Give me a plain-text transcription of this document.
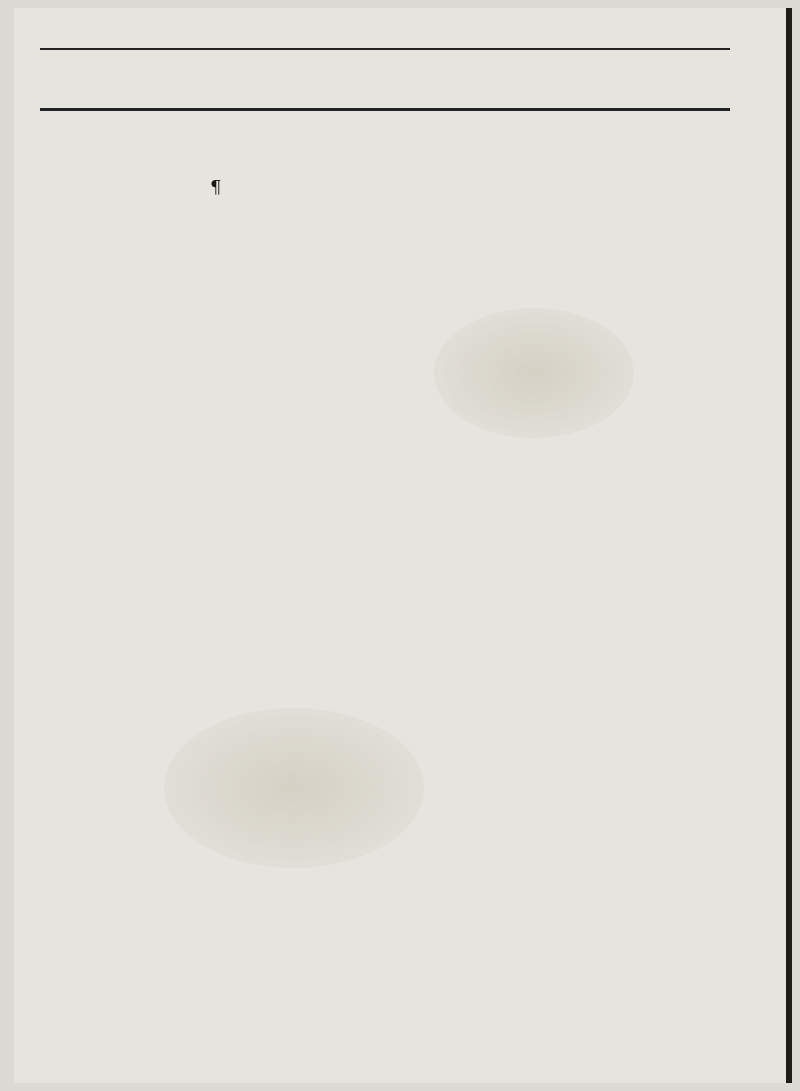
¶
